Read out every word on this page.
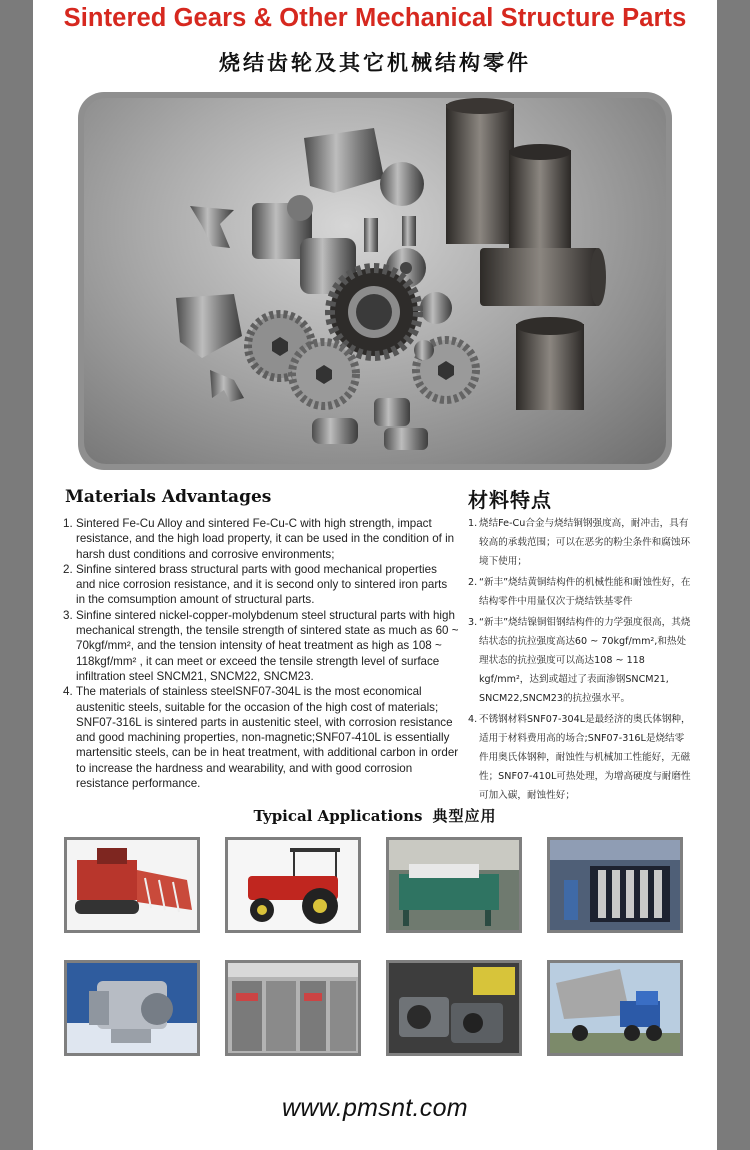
Sintered Gears & Other Mechanical Structure Parts
烧结齿轮及其它机械结构零件
Materials Advantages	材料特点
1. Sintered Fe-Cu Alloy and sintered Fe-Cu-C with high strength, impact resistance, and the high load property, it can be used in the condition of in harsh dust conditions and corrosive environments;
2. Sinfine sintered brass structural parts with good mechanical properties and nice corrosion resistance, and it is second only to sintered iron parts in the comsumption amount of structural parts.
3. Sinfine sintered nickel-copper-molybdenum steel structural parts with high mechanical strength, the tensile strength of sintered state as much as 60 ~ 70kgf/mm², and the tension intensity of heat treatment as high as 108 ~ 118kgf/mm² , it can meet or exceed the tensile strength level of surface infiltration steel SNCM21, SNCM22, SNCM23.
4. The materials of stainless steelSNF07-304L is the most economical austenitic steels, suitable for the occasion of the high cost of materials; SNF07-316L is sintered parts in austenitic steel, with corrosion resistance and good machining properties, non-magnetic;SNF07-410L is essentially martensitic steels, can be in heat treatment, with additional carbon in order to increase the hardness and wearability, and with good corrosion resistance performance.
1. 烧结Fe-Cu合金与烧结铜钢强度高，耐冲击，具有较高的承载范围；可以在恶劣的粉尘条件和腐蚀环境下使用；
2. “新丰”烧结黄铜结构件的机械性能和耐蚀性好，在结构零件中用量仅次于烧结铁基零件
3. “新丰”烧结镍铜钼钢结构件的力学强度很高，其烧结状态的抗拉强度高达60 ~ 70kgf/mm²,和热处理状态的抗拉强度可以高达108 ~ 118 kgf/mm²，达到或超过了表面渗钢SNCM21, SNCM22,SNCM23的抗拉强水平。
4. 不锈钢材料SNF07-304L是最经济的奥氏体钢种，适用于材料费用高的场合;SNF07-316L是烧结零件用奥氏体钢种，耐蚀性与机械加工性能好，无磁性；SNF07-410L可热处理，为增高硬度与耐磨性可加入碳，耐蚀性好；
Typical Applications 典型应用
www.pmsnt.com
